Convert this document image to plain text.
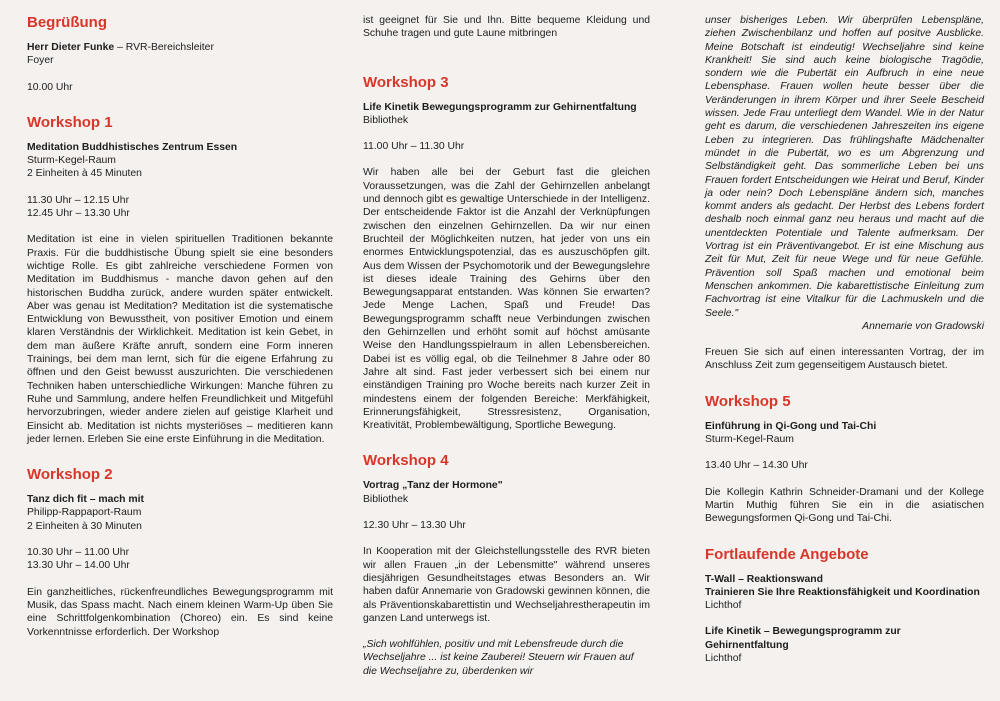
Begrüßung

Herr Dieter Funke – RVR-Bereichsleiter

Foyer

10.00 Uhr

Workshop 1

Meditation Buddhistisches Zentrum Essen

Sturm-Kegel-Raum

2 Einheiten à 45 Minuten

11.30 Uhr – 12.15 Uhr

12.45 Uhr – 13.30 Uhr

Meditation ist eine in vielen spirituellen Traditionen bekannte Praxis. Für die buddhistische Übung spielt sie eine besonders wichtige Rolle. Es gibt zahlreiche verschiedene Formen von Meditation im Buddhismus - manche davon gehen auf den historischen Buddha zurück, andere wurden später entwickelt. Aber was genau ist Meditation? Meditation ist die systematische Entwicklung von Bewusstheit, von positiver Emotion und einem klaren Verständnis der Wirklichkeit. Meditation ist kein Gebet, in dem man äußere Kräfte anruft, sondern eine Form inneren Trainings, bei dem man lernt, sich für die eigene Erfahrung zu öffnen und den Geist bewusst auszurichten. Die verschiedenen Techniken haben unterschiedliche Wirkungen: Manche führen zu Ruhe und Sammlung, andere helfen Freundlichkeit und Mitgefühl hervorzubringen, wieder andere zielen auf geistige Klarheit und Einsicht ab. Meditation ist nichts mysteriöses – meditieren kann jeder lernen. Erleben Sie eine erste Einführung in die Meditation.

Workshop 2

Tanz dich fit – mach mit

Philipp-Rappaport-Raum

2 Einheiten à 30 Minuten

10.30 Uhr – 11.00 Uhr

13.30 Uhr – 14.00 Uhr

Ein ganzheitliches, rückenfreundliches Bewegungsprogramm mit Musik, das Spass macht. Nach einem kleinen Warm-Up üben Sie eine Schrittfolgenkombination (Choreo) ein. Es sind keine Vorkenntnisse erforderlich. Der Workshop

ist geeignet für Sie und Ihn. Bitte bequeme Kleidung und Schuhe tragen und gute Laune mitbringen

Workshop 3

Life Kinetik Bewegungsprogramm zur Gehirnentfaltung

Bibliothek

11.00 Uhr – 11.30 Uhr

Wir haben alle bei der Geburt fast die gleichen Voraussetzungen, was die Zahl der Gehirnzellen anbelangt und dennoch gibt es gewaltige Unterschiede in der Intelligenz. Der entscheidende Faktor ist die Anzahl der Verknüpfungen zwischen den einzelnen Gehirnzellen. Da wir nur einen Bruchteil der Möglichkeiten nutzen, hat jeder von uns ein enormes Entwicklungspotenzial, das es auszuschöpfen gilt. Aus dem Wissen der Psychomotorik und der Bewegungslehre ist dieses ideale Training des Gehirns über den Bewegungsapparat entstanden. Was können Sie erwarten? Jede Menge Lachen, Spaß und Freude! Das Bewegungsprogramm schafft neue Verbindungen zwischen den Gehirnzellen und erhöht somit auf höchst amüsante Weise den Handlungsspielraum in allen Lebensbereichen. Dabei ist es völlig egal, ob die Teilnehmer 8 Jahre oder 80 Jahre alt sind. Fast jeder verbessert sich bei einem nur einständigen Training pro Woche bereits nach kurzer Zeit in mindestens einem der folgenden Bereiche: Merkfähigkeit, Erinnerungsfähigkeit, Stressresistenz, Organisation, Kreativität, Problembewältigung, Sportliche Bewegung.

Workshop 4

Vortrag „Tanz der Hormone"

Bibliothek

12.30 Uhr – 13.30 Uhr

In Kooperation mit der Gleichstellungsstelle des RVR bieten wir allen Frauen „in der Lebensmitte" während unseres diesjährigen Gesundheitstages etwas Besonders an. Wir haben dafür Annemarie von Gradowski gewinnen können, die als Präventionskabarettistin und Wechseljahrestherapeutin im ganzen Land unterwegs ist.

„Sich wohlfühlen, positiv und mit Lebensfreude durch die Wechseljahre ... ist keine Zauberei! Steuern wir Frauen auf die Wechseljahre zu, überdenken wir

unser bisheriges Leben. Wir überprüfen Lebenspläne, ziehen Zwischenbilanz und hoffen auf positve Ausblicke. Meine Botschaft ist eindeutig! Wechseljahre sind keine Krankheit! Sie sind auch keine biologische Tragödie, sondern wie die Pubertät ein Aufbruch in eine neue Lebensphase. Frauen wollen heute besser über die Veränderungen in ihrem Körper und ihrer Seele Bescheid wissen. Jede Frau unterliegt dem Wandel. Wie in der Natur geht es darum, die verschiedenen Jahreszeiten ins eigene Leben zu integrieren. Das frühlingshafte Mädchenalter mündet in die Pubertät, wo es um Abgrenzung und Selbständigkeit geht. Das sommerliche Leben bei uns Frauen fordert Entscheidungen wie Heirat und Beruf, Kinder ja oder nein? Doch Lebenspläne ändern sich, manches kommt anders als gedacht. Der Herbst des Lebens fordert deshalb noch einmal ganz neu heraus und macht auf die unentdeckten Potentiale und Talente aufmerksam. Der Vortrag ist ein Präventivangebot. Er ist eine Mischung aus Zeit für Mut, Zeit für neue Wege und für neue Gefühle. Prävention soll Spaß machen und emotional beim Menschen ankommen. Die kabarettistische Einleitung zum Fachvortrag ist eine Vitalkur für die Lachmuskeln und die Seele."

Annemarie von Gradowski

Freuen Sie sich auf einen interessanten Vortrag, der im Anschluss Zeit zum gegenseitigem Austausch bietet.

Workshop 5

Einführung in Qi-Gong und Tai-Chi

Sturm-Kegel-Raum

13.40 Uhr – 14.30 Uhr

Die Kollegin Kathrin Schneider-Dramani und der Kollege Martin Muthig führen Sie ein in die asiatischen Bewegungsformen Qi-Gong und Tai-Chi.

Fortlaufende Angebote

T-Wall – Reaktionswand

Trainieren Sie Ihre Reaktionsfähigkeit und Koordination

Lichthof

Life Kinetik – Bewegungsprogramm zur Gehirnentfaltung

Lichthof
